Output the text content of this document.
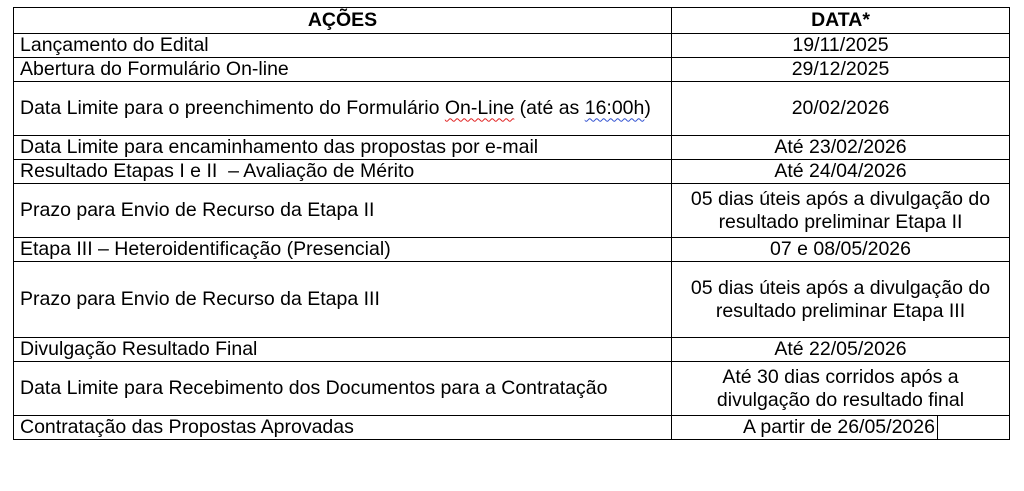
AÇÕES	DATA*
Lançamento do Edital	19/11/2025
Abertura do Formulário On-line	29/12/2025
Data Limite para o preenchimento do Formulário On-Line (até as 16:00h)	20/02/2026
Data Limite para encaminhamento das propostas por e-mail	Até 23/02/2026
Resultado Etapas I e II  – Avaliação de Mérito	Até 24/04/2026
Prazo para Envio de Recurso da Etapa II	05 dias úteis após a divulgação do resultado preliminar Etapa II
Etapa III – Heteroidentificação (Presencial)	07 e 08/05/2026
Prazo para Envio de Recurso da Etapa III	05 dias úteis após a divulgação do resultado preliminar Etapa III
Divulgação Resultado Final	Até 22/05/2026
Data Limite para Recebimento dos Documentos para a Contratação	Até 30 dias corridos após a divulgação do resultado final
Contratação das Propostas Aprovadas	A partir de 26/05/2026
